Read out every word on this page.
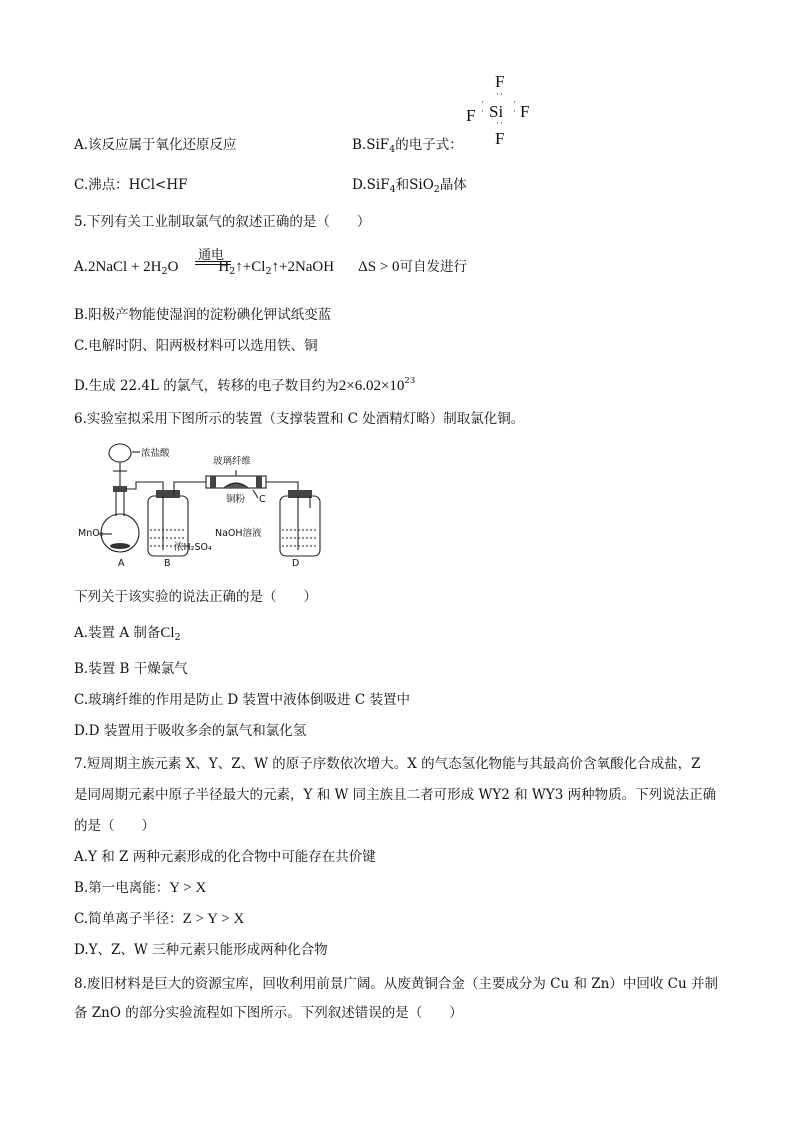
A.该反应属于氧化还原反应	B.SiF$_4$的电子式：
F
··
F
·
· Si ·
· F
··
F
C.沸点：HCl<HF	D.SiF$_4$和SiO$_2$晶体
5.下列有关工业制取氯气的叙述正确的是（　　）
通电
A.2NaCl + $2H_2O$	$H_2↑+Cl_2↑+2NaOH$ ΔS > 0可自发进行
B.阳极产物能使湿润的淀粉碘化钾试纸变蓝
C.电解时阴、阳两极材料可以选用铁、铜
D.生成 22.4L 的氯气，转移的电子数目约为$2\times 6.02\times 10^{23}$
6.实验室拟采用下图所示的装置（支撑装置和 C 处酒精灯略）制取氯化铜。
浓盐酸
玻璃纤维
铜粉 C
MnO₂
A	B
浓H₂SO₄
NaOH溶液
D
下列关于该实验的说法正确的是（　　）
A.装置 A 制备$Cl_2$
B.装置 B 干燥氯气
C.玻璃纤维的作用是防止 D 装置中液体倒吸进 C 装置中
D.D 装置用于吸收多余的氯气和氯化氢
7.短周期主族元素 X、Y、Z、W 的原子序数依次增大。X 的气态氢化物能与其最高价含氧酸化合成盐，Z
是同周期元素中原子半径最大的元素，Y 和 W 同主族且二者可形成 WY2 和 WY3 两种物质。下列说法正确
的是（　　）
A.Y 和 Z 两种元素形成的化合物中可能存在共价键
B.第一电离能：Y > X
C.简单离子半径：Z > Y > X
D.Y、Z、W 三种元素只能形成两种化合物
8.废旧材料是巨大的资源宝库，回收利用前景广阔。从废黄铜合金（主要成分为 Cu 和 Zn）中回收 Cu 并制
备 ZnO 的部分实验流程如下图所示。下列叙述错误的是（　　）
